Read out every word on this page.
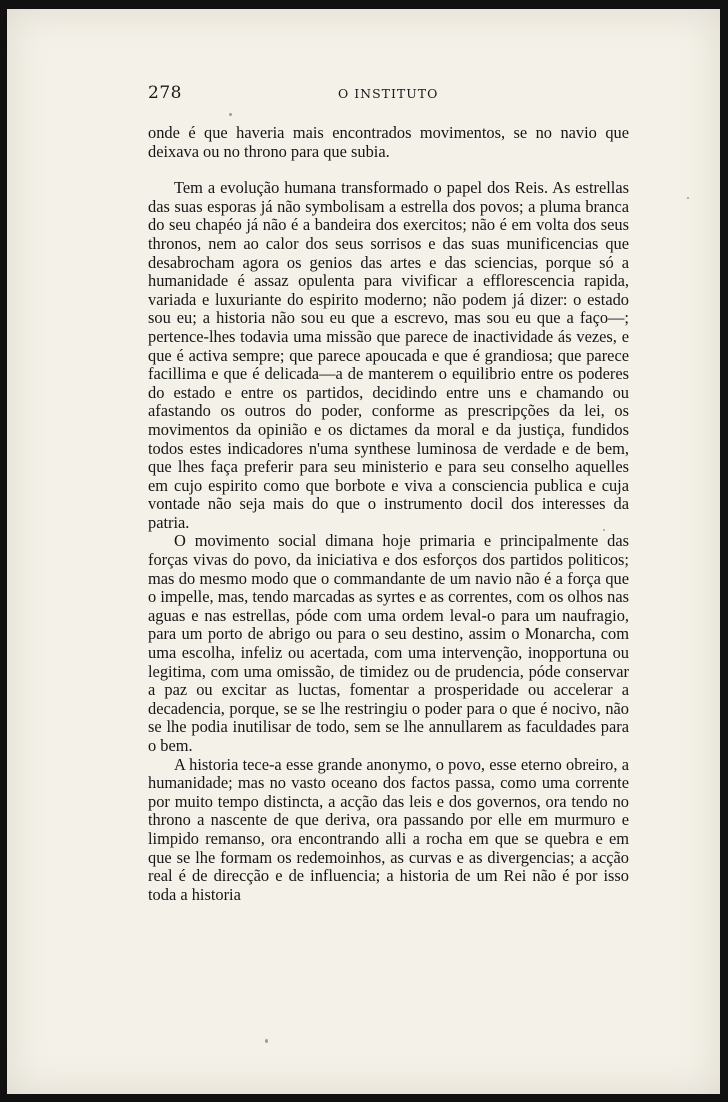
278	O INSTITUTO

onde é que haveria mais encontrados movimentos, se no navio que deixava ou no throno para que subia.

Tem a evolução humana transformado o papel dos Reis. As estrellas das suas esporas já não symbolisam a estrella dos povos; a pluma branca do seu chapéo já não é a bandeira dos exercitos; não é em volta dos seus thronos, nem ao calor dos seus sorrisos e das suas munificencias que desabrocham agora os genios das artes e das sciencias, porque só a humanidade é assaz opulenta para vivificar a efflorescencia rapida, variada e luxuriante do espirito moderno; não podem já dizer: o estado sou eu; a historia não sou eu que a escrevo, mas sou eu que a faço—; pertence-lhes todavia uma missão que parece de inactividade ás vezes, e que é activa sempre; que parece apoucada e que é grandiosa; que parece facillima e que é delicada—a de manterem o equilibrio entre os poderes do estado e entre os partidos, decidindo entre uns e chamando ou afastando os outros do poder, conforme as prescripções da lei, os movimentos da opinião e os dictames da moral e da justiça, fundidos todos estes indicadores n'uma synthese luminosa de verdade e de bem, que lhes faça preferir para seu ministerio e para seu conselho aquelles em cujo espirito como que borbote e viva a consciencia publica e cuja vontade não seja mais do que o instrumento docil dos interesses da patria.

O movimento social dimana hoje primaria e principalmente das forças vivas do povo, da iniciativa e dos esforços dos partidos politicos; mas do mesmo modo que o commandante de um navio não é a força que o impelle, mas, tendo marcadas as syrtes e as correntes, com os olhos nas aguas e nas estrellas, póde com uma ordem leval-o para um naufragio, para um porto de abrigo ou para o seu destino, assim o Monarcha, com uma escolha, infeliz ou acertada, com uma intervenção, inopportuna ou legitima, com uma omissão, de timidez ou de prudencia, póde conservar a paz ou excitar as luctas, fomentar a prosperidade ou accelerar a decadencia, porque, se se lhe restringiu o poder para o que é nocivo, não se lhe podia inutilisar de todo, sem se lhe annullarem as faculdades para o bem.

A historia tece-a esse grande anonymo, o povo, esse eterno obreiro, a humanidade; mas no vasto oceano dos factos passa, como uma corrente por muito tempo distincta, a acção das leis e dos governos, ora tendo no throno a nascente de que deriva, ora passando por elle em murmuro e limpido remanso, ora encontrando alli a rocha em que se quebra e em que se lhe formam os redemoinhos, as curvas e as divergencias; a acção real é de direcção e de influencia; a historia de um Rei não é por isso toda a historia
